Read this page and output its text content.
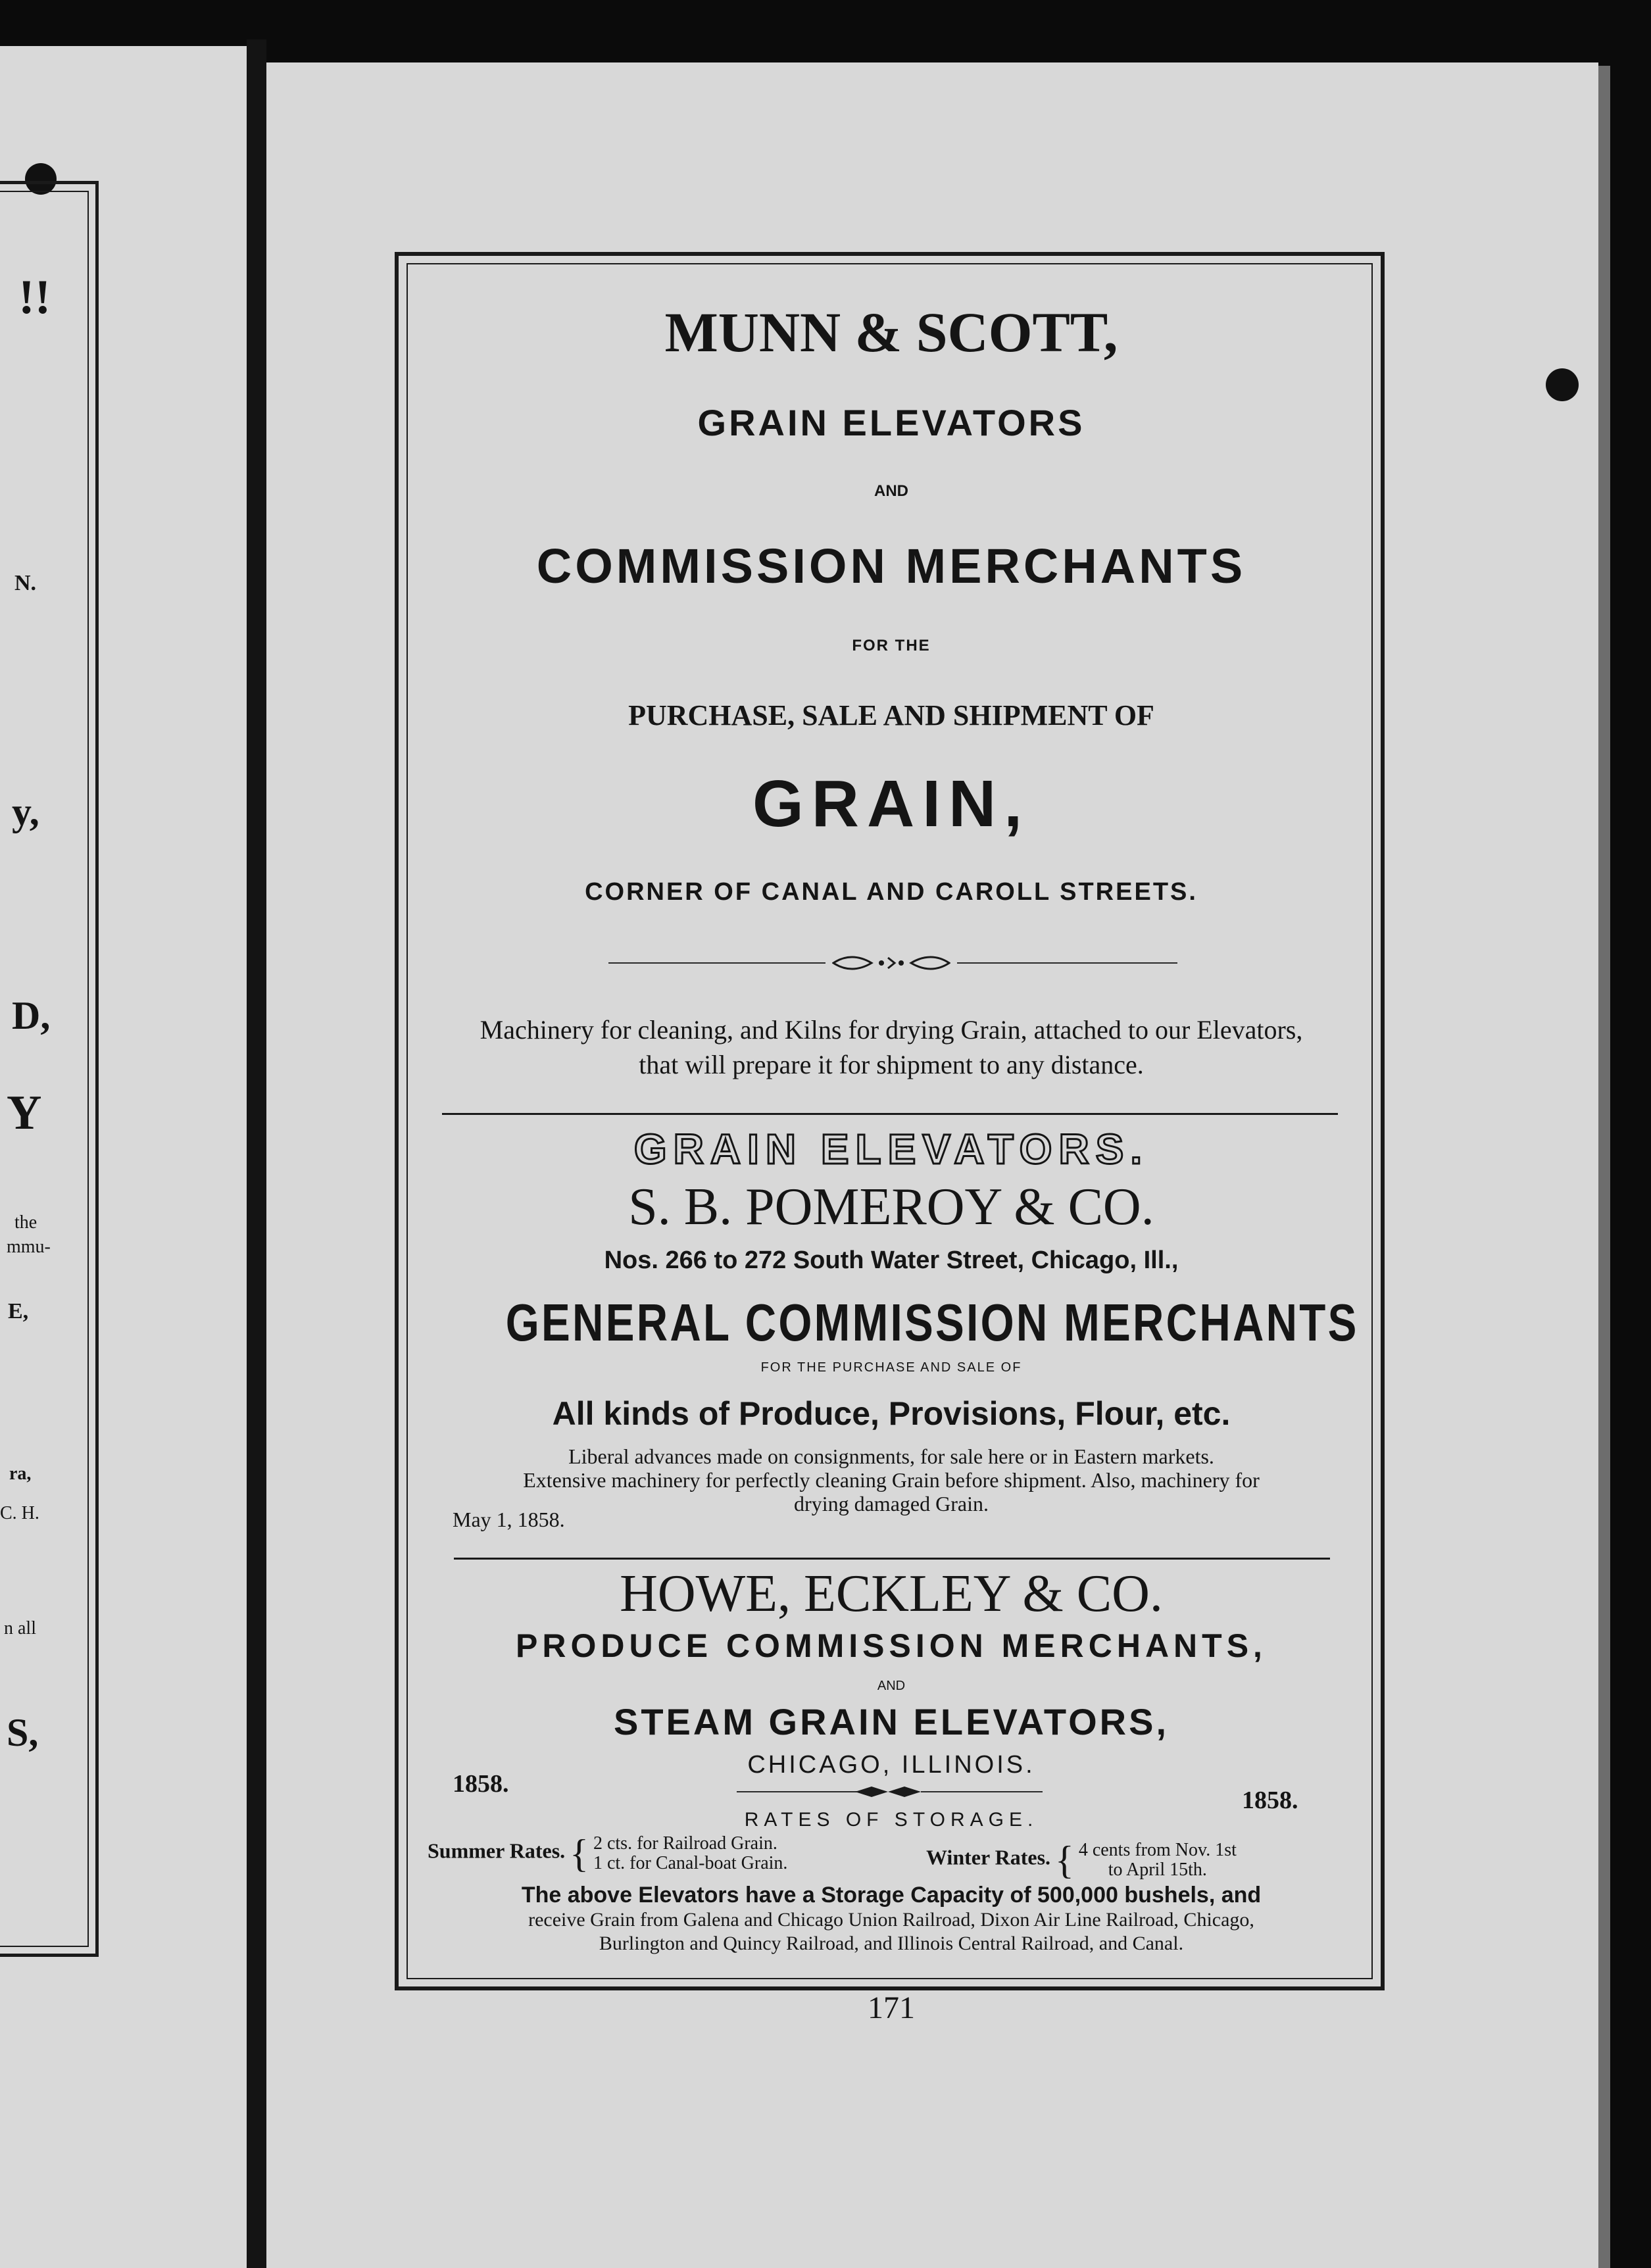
!!
N.
y,
D,
Y
the
mmu-
E,
ra,
C. H.
n all
S,
MUNN & SCOTT,
GRAIN ELEVATORS
AND
COMMISSION MERCHANTS
FOR THE
PURCHASE, SALE AND SHIPMENT OF
GRAIN,
CORNER OF CANAL AND CAROLL STREETS.
Machinery for cleaning, and Kilns for drying Grain, attached to our Elevators,
that will prepare it for shipment to any distance.
GRAIN ELEVATORS.
S. B. POMEROY & CO.
Nos. 266 to 272 South Water Street, Chicago, Ill.,
GENERAL COMMISSION MERCHANTS
FOR THE PURCHASE AND SALE OF
All kinds of Produce, Provisions, Flour, etc.
Liberal advances made on consignments, for sale here or in Eastern markets.
Extensive machinery for perfectly cleaning Grain before shipment. Also, machinery for
drying damaged Grain.
May 1, 1858.
HOWE, ECKLEY & CO.
PRODUCE COMMISSION MERCHANTS,
AND
STEAM GRAIN ELEVATORS,
CHICAGO, ILLINOIS.
1858.
1858.
RATES OF STORAGE.
Summer Rates. { 2 cts. for Railroad Grain.
1 ct. for Canal-boat Grain.	Winter Rates. { 4 cents from Nov. 1st
to April 15th.
The above Elevators have a Storage Capacity of 500,000 bushels, and
receive Grain from Galena and Chicago Union Railroad, Dixon Air Line Railroad, Chicago,
Burlington and Quincy Railroad, and Illinois Central Railroad, and Canal.
171
